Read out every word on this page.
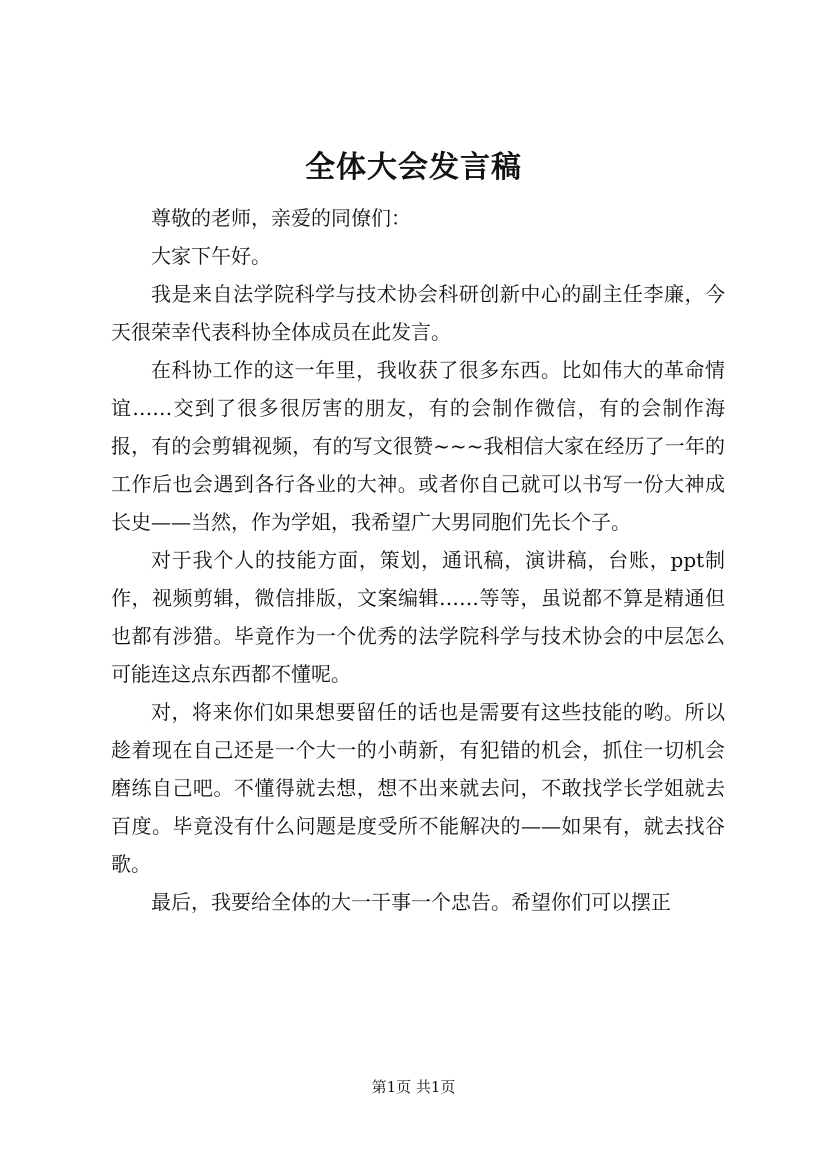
全体大会发言稿

尊敬的老师，亲爱的同僚们：

大家下午好。

我是来自法学院科学与技术协会科研创新中心的副主任李廉，今天很荣幸代表科协全体成员在此发言。

在科协工作的这一年里，我收获了很多东西。比如伟大的革命情谊……交到了很多很厉害的朋友，有的会制作微信，有的会制作海报，有的会剪辑视频，有的写文很赞~~~我相信大家在经历了一年的工作后也会遇到各行各业的大神。或者你自己就可以书写一份大神成长史——当然，作为学姐，我希望广大男同胞们先长个子。

对于我个人的技能方面，策划，通讯稿，演讲稿，台账，ppt制作，视频剪辑，微信排版，文案编辑……等等，虽说都不算是精通但也都有涉猎。毕竟作为一个优秀的法学院科学与技术协会的中层怎么可能连这点东西都不懂呢。

对，将来你们如果想要留任的话也是需要有这些技能的哟。所以趁着现在自己还是一个大一的小萌新，有犯错的机会，抓住一切机会磨练自己吧。不懂得就去想，想不出来就去问，不敢找学长学姐就去百度。毕竟没有什么问题是度受所不能解决的——如果有，就去找谷歌。

最后，我要给全体的大一干事一个忠告。希望你们可以摆正

第1页 共1页
